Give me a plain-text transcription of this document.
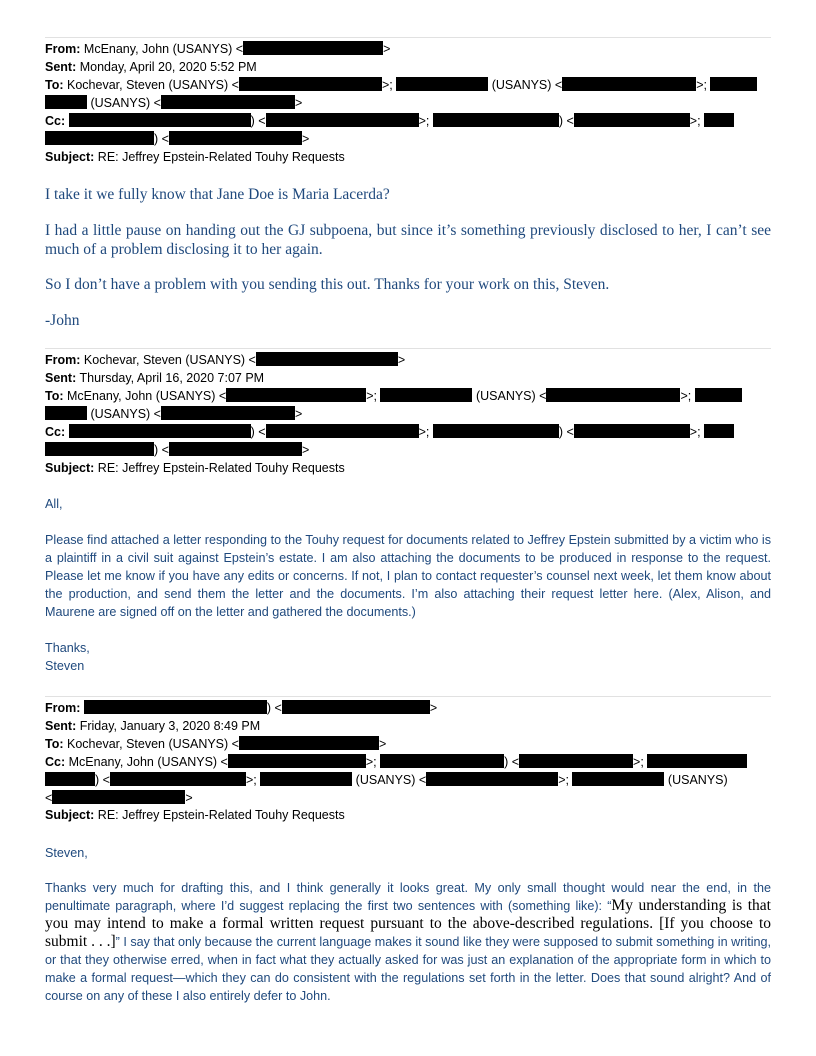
From: McEnany, John (USANYS) <	>
Sent: Monday, April 20, 2020 5:52 PM
To: Kochevar, Steven (USANYS) <	>;	(USANYS) <	>;
(USANYS) <	>
Cc:	) <	>;	) <	>;
) <	>
Subject: RE: Jeffrey Epstein-Related Touhy Requests
I take it we fully know that Jane Doe is Maria Lacerda?
I had a little pause on handing out the GJ subpoena, but since it’s something previously disclosed to her, I can’t see much of a problem disclosing it to her again.
So I don’t have a problem with you sending this out. Thanks for your work on this, Steven.
-John
From: Kochevar, Steven (USANYS) <	>
Sent: Thursday, April 16, 2020 7:07 PM
To: McEnany, John (USANYS) <	>;	(USANYS) <	>;
(USANYS) <	>
Cc:	) <	>;	) <	>;
) <	>
Subject: RE: Jeffrey Epstein-Related Touhy Requests
All,
Please find attached a letter responding to the Touhy request for documents related to Jeffrey Epstein submitted by a victim who is a plaintiff in a civil suit against Epstein’s estate. I am also attaching the documents to be produced in response to the request. Please let me know if you have any edits or concerns. If not, I plan to contact requester’s counsel next week, let them know about the production, and send them the letter and the documents. I’m also attaching their request letter here. (Alex, Alison, and Maurene are signed off on the letter and gathered the documents.)
Thanks,
Steven
From:	) <	>
Sent: Friday, January 3, 2020 8:49 PM
To: Kochevar, Steven (USANYS) <	>
Cc: McEnany, John (USANYS) <	>;	) <	>;
) <	>;	(USANYS) <	>;	(USANYS)
<	>
Subject: RE: Jeffrey Epstein-Related Touhy Requests
Steven,
Thanks very much for drafting this, and I think generally it looks great. My only small thought would near the end, in the penultimate paragraph, where I’d suggest replacing the first two sentences with (something like): “My understanding is that you may intend to make a formal written request pursuant to the above-described regulations. [If you choose to submit . . .]” I say that only because the current language makes it sound like they were supposed to submit something in writing, or that they otherwise erred, when in fact what they actually asked for was just an explanation of the appropriate form in which to make a formal request—which they can do consistent with the regulations set forth in the letter. Does that sound alright? And of course on any of these I also entirely defer to John.
